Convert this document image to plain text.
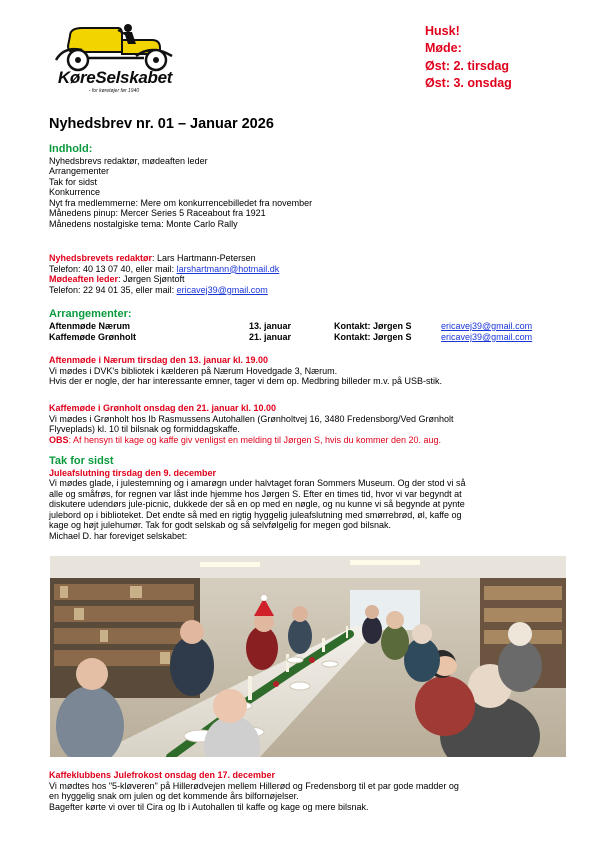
KøreSelskabet
- for køretøjer før 1940
Husk!
Møde:
Øst: 2. tirsdag
Øst: 3. onsdag
Nyhedsbrev nr. 01 – Januar 2026
Indhold:
Nyhedsbrevs redaktør, mødeaften leder
Arrangementer
Tak for sidst
Konkurrence
Nyt fra medlemmerne: Mere om konkurrencebilledet fra november
Månedens pinup: Mercer Series 5 Raceabout fra 1921
Månedens nostalgiske tema: Monte Carlo Rally
Nyhedsbrevets redaktør: Lars Hartmann-Petersen
Telefon: 40 13 07 40, eller mail: larshartmann@hotmail.dk
Mødeaften leder: Jørgen Sjøntoft
Telefon: 22 94 01 35, eller mail: ericavej39@gmail.com
Arrangementer:
Aftenmøde Nærum	13. januar	Kontakt: Jørgen S	ericavej39@gmail.com
Kaffemøde Grønholt	21. januar	Kontakt: Jørgen S	ericavej39@gmail.com
Aftenmøde i Nærum tirsdag den 13. januar kl. 19.00
Vi mødes i DVK's bibliotek i kælderen på Nærum Hovedgade 3, Nærum.
Hvis der er nogle, der har interessante emner, tager vi dem op. Medbring billeder m.v. på USB-stik.
Kaffemøde i Grønholt onsdag den 21. januar kl. 10.00
Vi mødes i Grønholt hos Ib Rasmussens Autohallen (Grønholtvej 16, 3480 Fredensborg/Ved Grønholt
Flyveplads) kl. 10 til bilsnak og formiddagskaffe.
OBS: Af hensyn til kage og kaffe giv venligst en melding til Jørgen S, hvis du kommer den 20. aug.
Tak for sidst
Juleafslutning tirsdag den 9. december
Vi mødes glade, i julestemning og i amarøgn under halvtaget foran Sommers Museum. Og der stod vi så
alle og småfrøs, for regnen var låst inde hjemme hos Jørgen S. Efter en times tid, hvor vi var begyndt at
diskutere udendørs jule-picnic, dukkede der så en op med en nøgle, og nu kunne vi så begynde at pynte
julebord op i biblioteket. Det endte så med en rigtig hyggelig juleafslutning med smørrebrød, øl, kaffe og
kage og højt julehumør. Tak for godt selskab og så selvfølgelig for megen god bilsnak.
Michael D. har foreviget selskabet:
Kaffeklubbens Julefrokost onsdag den 17. december
Vi mødtes hos "5-kløveren" på Hillerødvejen mellem Hillerød og Fredensborg til et par gode madder og
en hyggelig snak om julen og det kommende års bilfornøjelser.
Bagefter kørte vi over til Cira og Ib i Autohallen til kaffe og kage og mere bilsnak.
